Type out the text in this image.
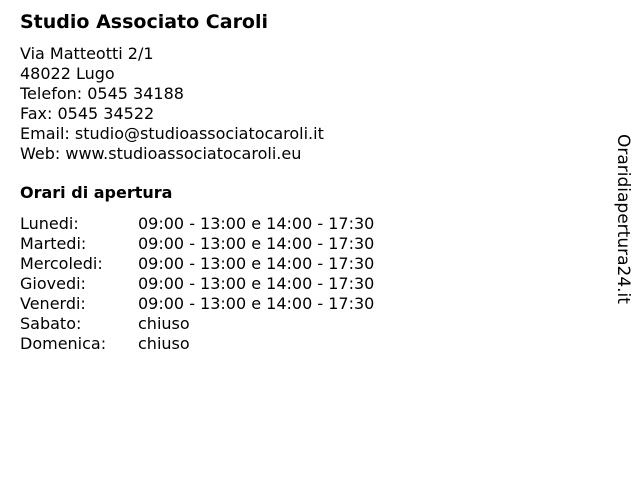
Studio Associato Caroli
Via Matteotti 2/1
48022 Lugo
Telefon: 0545 34188
Fax: 0545 34522
Email: studio@studioassociatocaroli.it
Web: www.studioassociatocaroli.eu
Orari di apertura
Lunedi:	09:00 - 13:00 e 14:00 - 17:30
Martedi:	09:00 - 13:00 e 14:00 - 17:30
Mercoledi: 09:00 - 13:00 e 14:00 - 17:30
Giovedi:	09:00 - 13:00 e 14:00 - 17:30
Venerdi:	09:00 - 13:00 e 14:00 - 17:30
Sabato:	chiuso
Domenica: chiuso
Oraridiapertura24.it
